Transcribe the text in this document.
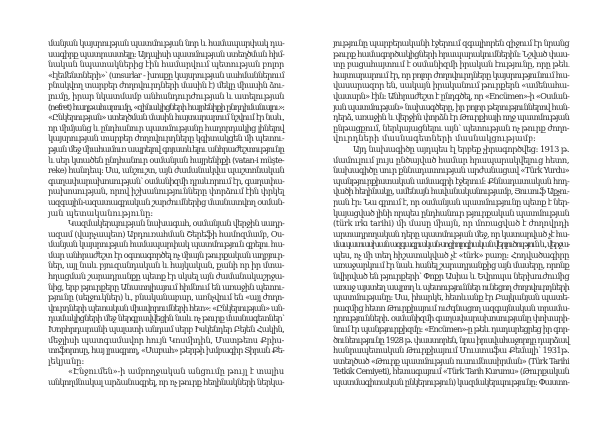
մանյան կայսրության պատմության նոր և համապարփակ դա-
սագիրք պատրաստելը: Այդպիսի պատմության ստեղծման հիմ-
նական նպատակներից էին համարվում պետության բոլոր
«էլեմենտների»՝ (unsurlar - խոսքը կայսրության սահմաններում
բնակվող տարբեր ժողովուրդների մասին է) մեկը միասին ձու-
լումը, իրար նկատմամբ անհանդուրժության և ատելության
(nefret) հաղթահարումը, «զինակիցների հայրենիքի ընդդիմանալու»:
«Ընկերության» ստեղծման մասին հայտարարում նշվում էր նաև,
որ միմյանց և ընդհանուր պատմությանը հաղորդակից լինելով
կայսրության տարբեր ժողովուրդները կգիտակցեն մի պետու-
թյան մեջ միահամուռ ապրելով գոյատևելու անհրաժեշտությունը
և սեր կտածեն ընդհանուր օսմանյան հայրենիքի (vatan-i müşte-
reke) հանդեպ: Սա, անշուշտ, այն ժամանակվա պաշտոնական
գաղափարախոսության՝ օսմանիզմի դրսևորում էր, գաղափա-
րախոսության, որով իշխանությունները փորձում էին փրկել
ազգային-ազատագրական շարժումներից մասնատվող օսման-
յան պետականությունը:
Կազմակերպության նախագահ, օսմանյան վերջին սադր-
ազամ (վարչապետ) Աբդուռահման Շերեֆի համոզմամբ, Օս-
մանյան կայսրության համապարփակ պատմություն գրելու հա-
մար անհրաժեշտ էր օգտագործել ոչ միայն թուրքական աղբյուր-
ներ, այլ նաև բյուզանդական և հայկական, քանի որ իր մտա-
հղացման շարադրանքը պետք էր սկսել այն ժամանակաշրջա-
նից, երբ թյուրքերը Անատոլիայում հիմնում են առաջին պետու-
թյունը (սելջուկներ) և, բնականաբար, առնչվում են «այլ ժողո-
վուրդների պետական միավորումների հետ»: «Ընկերության» ան-
դամակիցների մեջ ներգրավվեցին նաև ոչ թուրք մասնագետներ՝
Խորհրդարանի պալատի անդամ սերբ Իսկենդեր Բեյեն Հակին,
մեջլիսի պատգամավոր հույն Կոսմիդին, Մատթեոս Քրիս-
տոֆորոսը, հայ լրագրող, «Սաբահ» թերթի խմբագիր Տիրան Քե-
լեկյանը:
«Էնջումեն»-ի ամբողջական անցումը թույլ է տալիս
անկողմնակալ արձանագրել, որ ոչ թուրք հեղինակների ներկա-
յությունը պարբերականի էջերում զգալիորեն զիջում էր նրանց
թուրք համագործակիցների հրապարակումներին: Նշված փաս-
տը բացահայտում է օսմանիզմի իրական էությունը, որը թեև
հայտարարում էր, որ բոլոր ժողովուրդները կայսրությունում հա-
վասարազոր են, սակայն իրականում թուրքերն «ամենահա-
վասարն» էին: Անհրաժեշտ է ընդգծել, որ «Encümen»-ի «Օսման-
յան պատմության» նախագծերը, իր բոլոր թերություններով հան-
դերձ, առաջին և վերջին փորձն էր Թուրքիայի ողջ պատմության
ընթացքում, ներկայացնելու այն՝ պետության ոչ թուրք ժողո-
վուրդների մասնագետների մասնակցությամբ:
Այդ նախագիծը այդպես էլ երբեք չիրագործվեց: 1913 թ.
մամուլում լույս ընծայված համար հրապարակվելուց հետո,
նախագիծը սուր քննադատության արժանացավ «Türk Yurdu»
պանթյուրքիստական ամսագրի էջերում: Քննադատական հոդ-
վածի հեղինակը, ամենայն հավանականությամբ, Յուսուֆ Աքչու-
րան էր: Նա գրում է, որ օսմանյան պատմությունը պետք է ներ-
կայացված լինի որպես ընդհանուր թյուրքական պատմության
(türk ırkı tarihi) մի մասը միայն, որ մոռացված է ժողովրդի
արտադրողական դերը պատմության մեջ, որ կատարված չէ հա-
մապատասխան ազգագրական-սոցիոլոգիական վերլուծություն և, վերջա-
պես, ոչ մի տեղ հիշատակված չէ «türk» բառը: Հոդվածագիրը
առաջարկում էր նաև հանել շարադրանքից այն մասերը, որոնք
նվիրված են թյուրքերի՝ Փոքր Ասիա և Եվրոպա ներխուժումից
առաջ այստեղ ապրող և պետություններ ունեցող ժողովուրդների
պատմությանը: Սա, իհարկե, հետևանք էր Բալկանյան պատե-
րազմից հետո Թուրքիայում ուժգնացող ազգայնական տրամա-
դրությունների. օսմանիզմի գաղափարախոսությանը փոխարի-
նում էր պանթյուրքիզմը: «Encümen»-ը թեև դադարեցրեց իր գոր-
ծունեությունը 1928 թ. փաստորեն, նրա իրավահաջորդը դարձավ
հանրապետական Թուրքիայում Մուստաֆա Քեմալի՝ 1931թ.
ստեղծած «Թուրք պատմության ուսումնասիրման» (Türk Tarihi
Tetkik Cemiyeti), հետագայում «Türk Tarih Kurumu» (Թուրքական
պատմագիտական ընկերություն) կազմակերպությունը: Փաստո-
